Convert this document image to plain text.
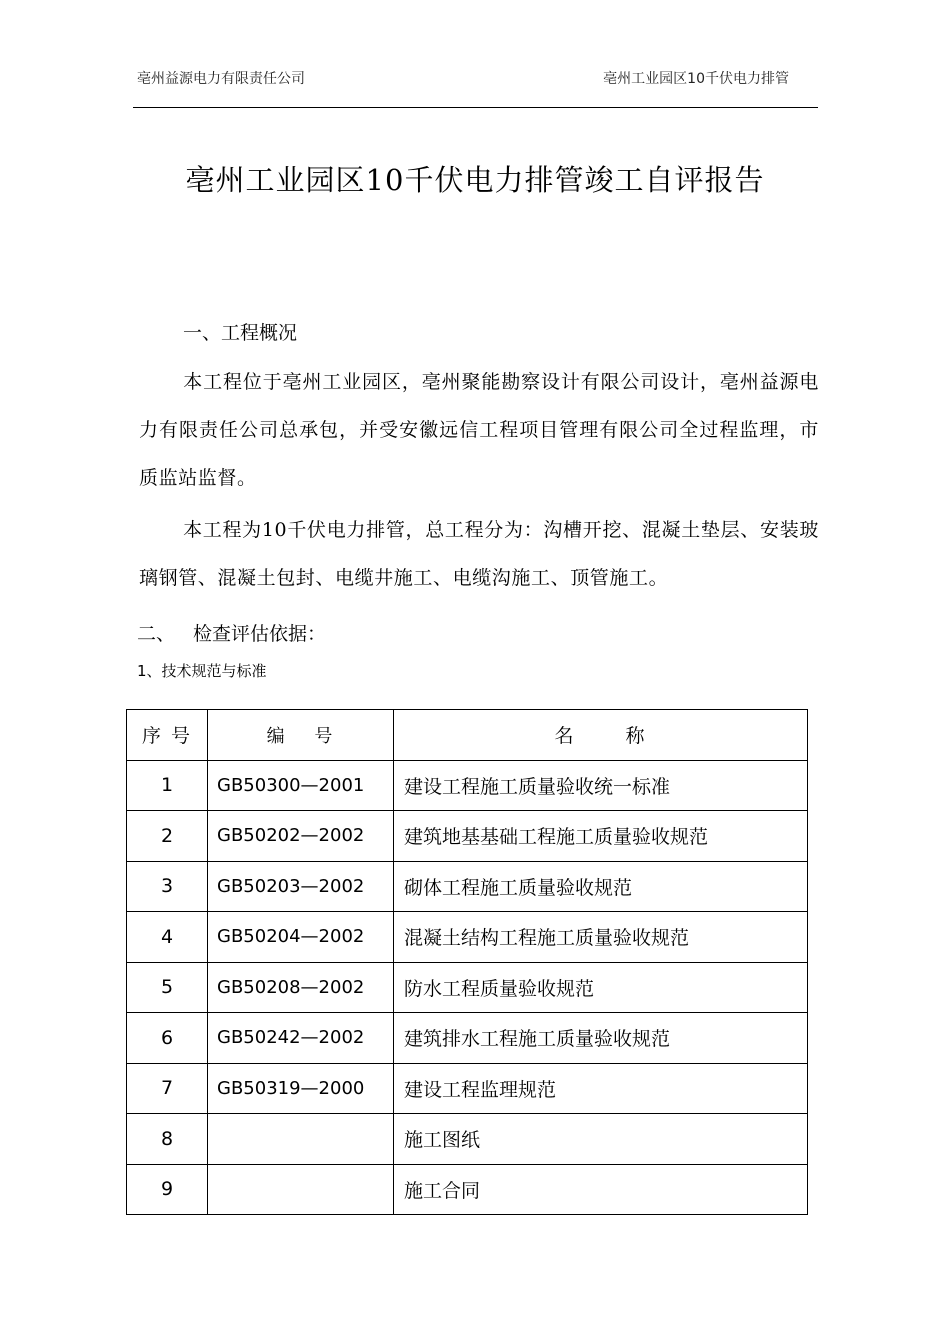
亳州益源电力有限责任公司	亳州工业园区10千伏电力排管
亳州工业园区10千伏电力排管竣工自评报告
一、工程概况
本工程位于亳州工业园区，亳州聚能勘察设计有限公司设计，亳州益源电力有限责任公司总承包，并受安徽远信工程项目管理有限公司全过程监理，市质监站监督。
本工程为10千伏电力排管，总工程分为：沟槽开挖、混凝土垫层、安装玻璃钢管、混凝土包封、电缆井施工、电缆沟施工、顶管施工。
二、 检查评估依据：
1、技术规范与标准
序 号	编　 号	名　　 称
1	GB50300—2001	建设工程施工质量验收统一标准
2	GB50202—2002	建筑地基基础工程施工质量验收规范
3	GB50203—2002	砌体工程施工质量验收规范
4	GB50204—2002	混凝土结构工程施工质量验收规范
5	GB50208—2002	防水工程质量验收规范
6	GB50242—2002	建筑排水工程施工质量验收规范
7	GB50319—2000	建设工程监理规范
8		施工图纸
9		施工合同
